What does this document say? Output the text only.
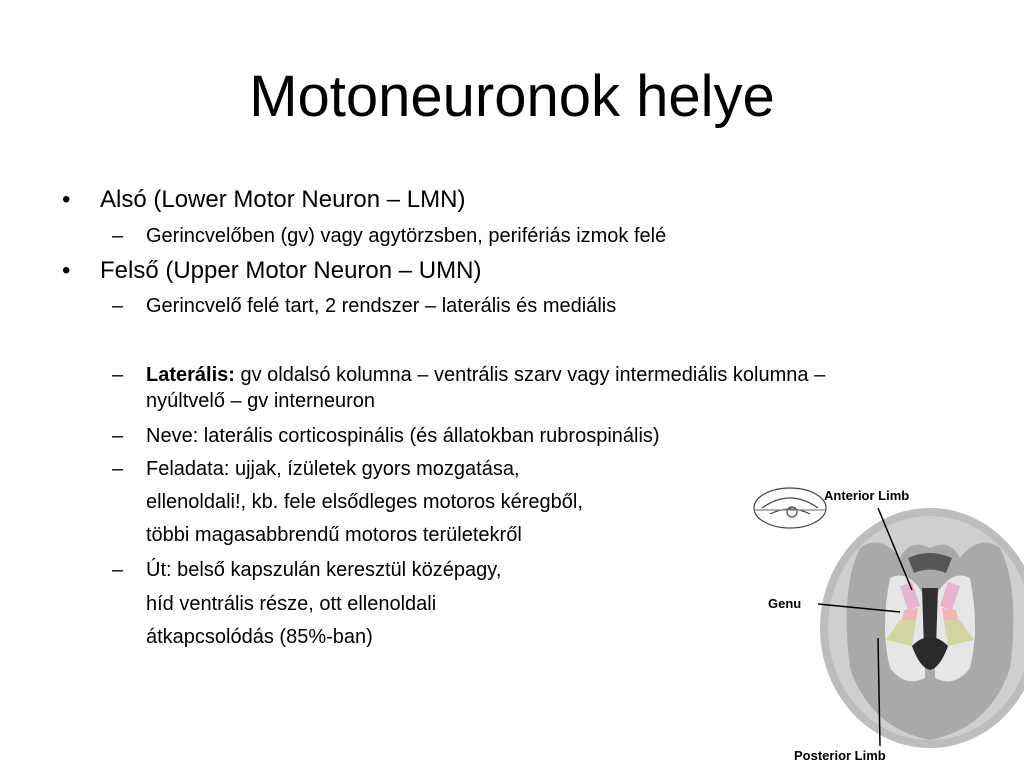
Motoneuronok helye
•	Alsó (Lower Motor Neuron – LMN)
–	Gerincvelőben (gv) vagy agytörzsben, perifériás izmok felé
•	Felső (Upper Motor Neuron – UMN)
–	Gerincvelő felé tart, 2 rendszer – laterális és mediális
–	Laterális: gv oldalsó kolumna – ventrális szarv vagy intermediális kolumna – nyúltvelő – gv interneuron
–	Neve: laterális corticospinális (és állatokban rubrospinális)
–	Feladata: ujjak, ízületek gyors mozgatása,
ellenoldali!, kb. fele elsődleges motoros kéregből,
többi magasabbrendű motoros területekről
–	Út: belső kapszulán keresztül középagy,
híd ventrális része, ott ellenoldali
átkapcsolódás (85%-ban)
Anterior Limb
Genu
Posterior Limb
